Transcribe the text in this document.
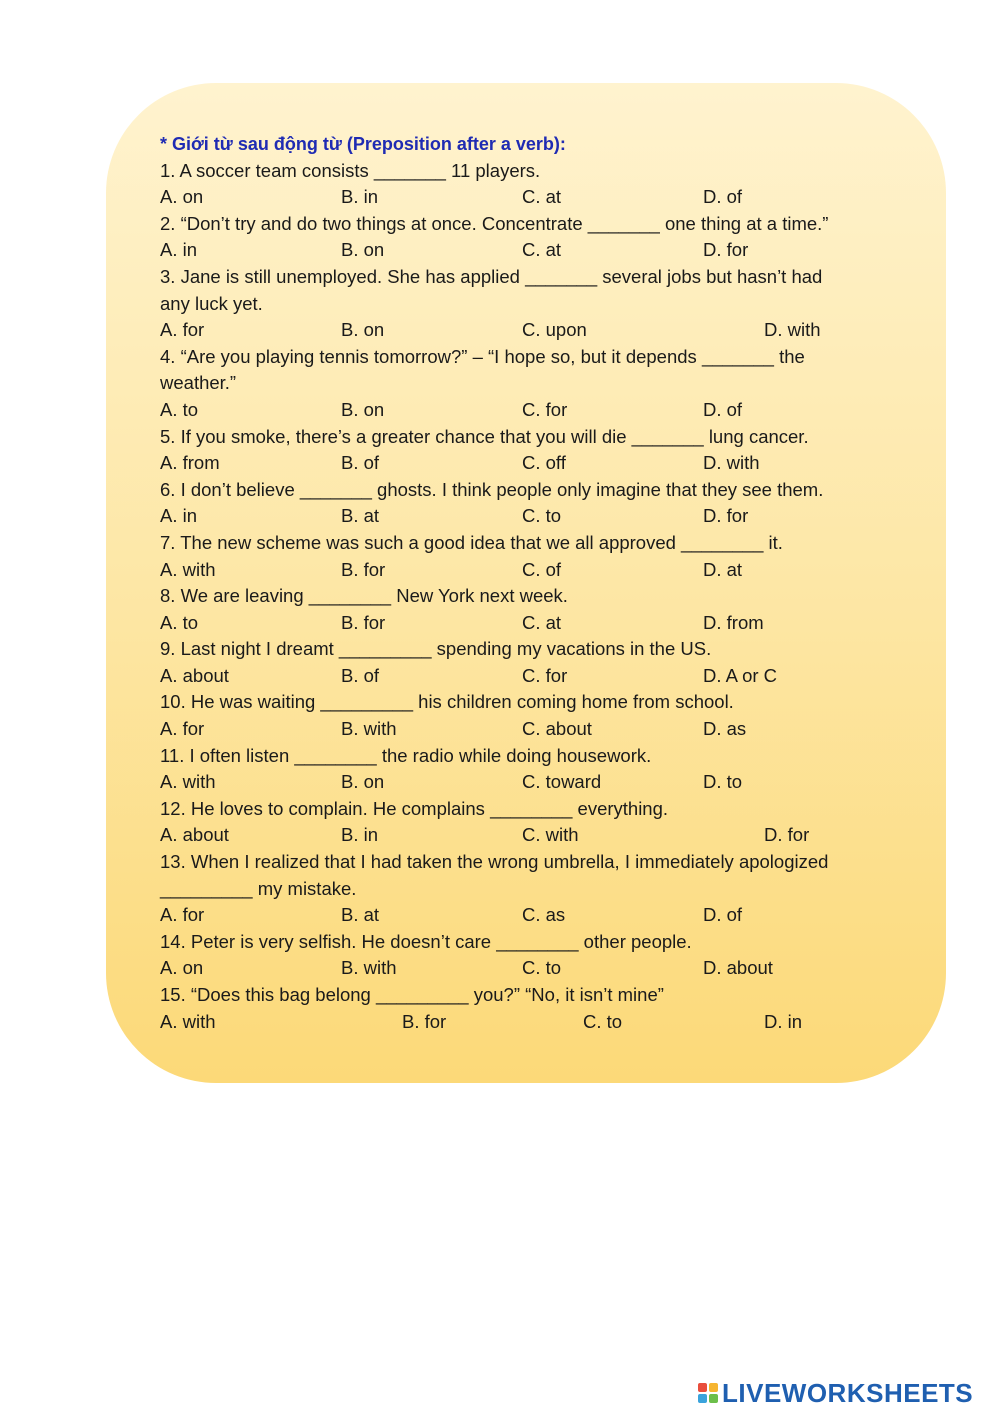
* Giới từ sau động từ (Preposition after a verb):
1. A soccer team consists _______ 11 players.
A. on	B. in	C. at	D. of
2. “Don’t try and do two things at once. Concentrate _______ one thing at a time.”
A. in	B. on	C. at	D. for
3. Jane is still unemployed. She has applied _______ several jobs but hasn’t had
any luck yet.
A. for	B. on	C. upon	D. with
4. “Are you playing tennis tomorrow?” – “I hope so, but it depends _______ the
weather.”
A. to	B. on	C. for	D. of
5. If you smoke, there’s a greater chance that you will die _______ lung cancer.
A. from	B. of	C. off	D. with
6. I don’t believe _______ ghosts. I think people only imagine that they see them.
A. in	B. at	C. to	D. for
7. The new scheme was such a good idea that we all approved ________ it.
A. with	B. for	C. of	D. at
8. We are leaving ________ New York next week.
A. to	B. for	C. at	D. from
9. Last night I dreamt _________ spending my vacations in the US.
A. about	B. of	C. for	D. A or C
10. He was waiting _________ his children coming home from school.
A. for	B. with	C. about	D. as
11. I often listen ________ the radio while doing housework.
A. with	B. on	C. toward	D. to
12. He loves to complain. He complains ________ everything.
A. about	B. in	C. with	D. for
13. When I realized that I had taken the wrong umbrella, I immediately apologized
_________ my mistake.
A. for	B. at	C. as	D. of
14. Peter is very selfish. He doesn’t care ________ other people.
A. on	B. with	C. to	D. about
15. “Does this bag belong _________ you?” “No, it isn’t mine”
A. with	B. for	C. to	D. in
LIVEWORKSHEETS
